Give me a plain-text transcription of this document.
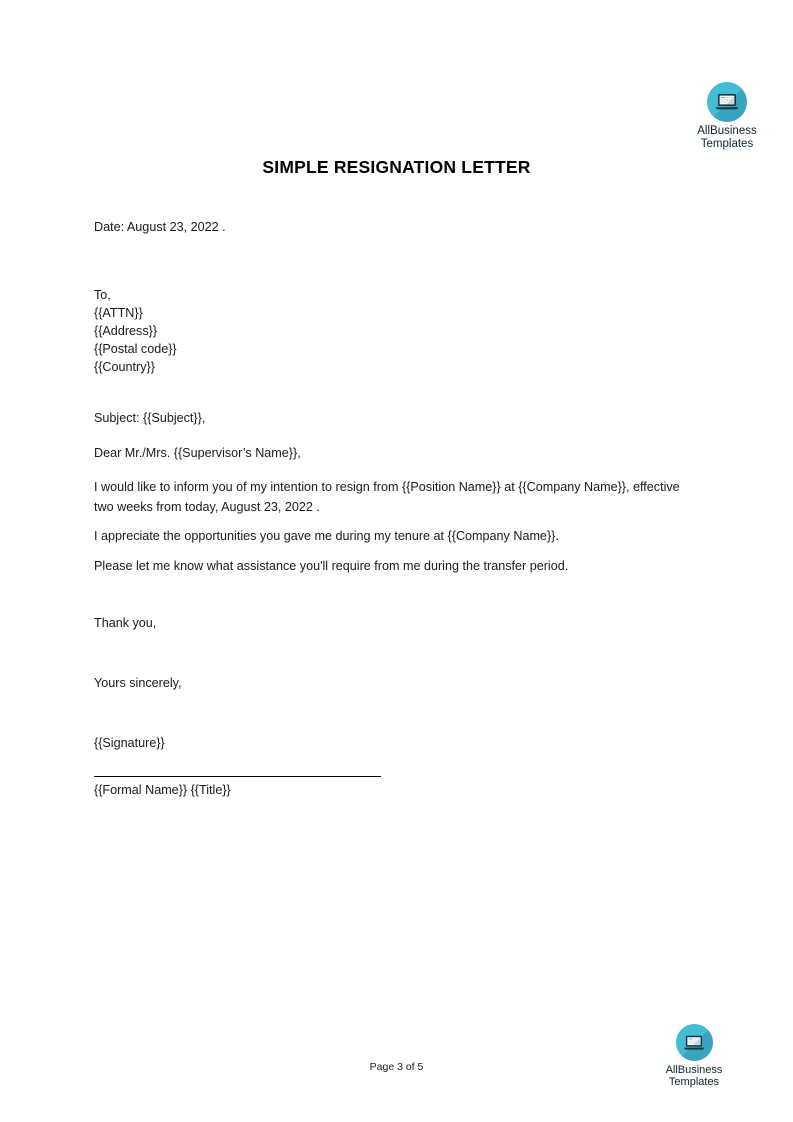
AllBusiness
Templates
SIMPLE RESIGNATION LETTER
Date: August 23, 2022 .
To,
{{ATTN}}
{{Address}}
{{Postal code}}
{{Country}}
Subject: {{Subject}},
Dear Mr./Mrs. {{Supervisor’s Name}},
I would like to inform you of my intention to resign from {{Position Name}} at {{Company Name}}, effective two weeks from today, August 23, 2022 .
I appreciate the opportunities you gave me during my tenure at {{Company Name}}.
Please let me know what assistance you'll require from me during the transfer period.
Thank you,
Yours sincerely,
{{Signature}}
{{Formal Name}} {{Title}}
Page 3 of 5	AllBusiness
Templates
